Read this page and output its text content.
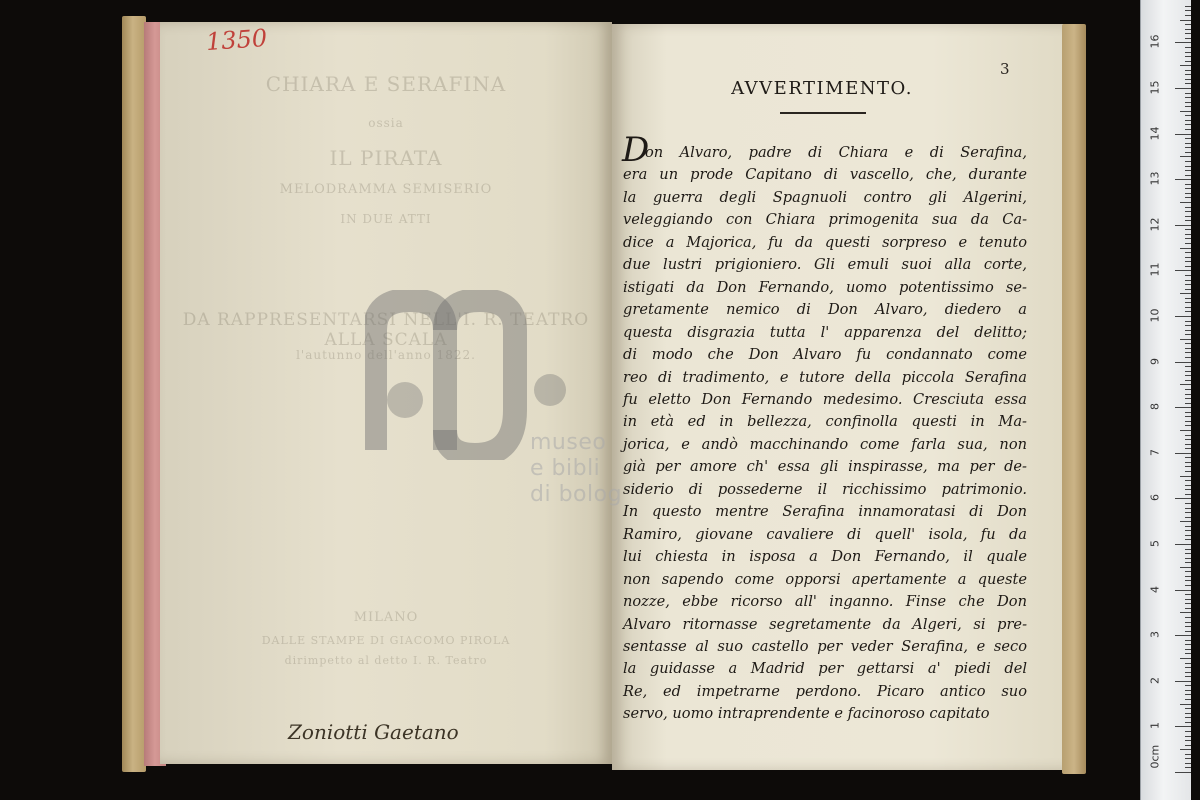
CHIARA E SERAFINA
ossia
IL PIRATA
MELODRAMMA SEMISERIO
IN DUE ATTI
DA RAPPRESENTARSI NELL'I. R. TEATRO ALLA SCALA
l'autunno dell'anno 1822.
MILANO
DALLE STAMPE DI GIACOMO PIROLA
dirimpetto al detto I. R. Teatro
1350
Zoniotti Gaetano
museo
e bibli
di bolog
3
AVVERTIMENTO.
D
on Alvaro, padre di Chiara e di Serafina,
era un prode Capitano di vascello, che, durante
la guerra degli Spagnuoli contro gli Algerini,
veleggiando con Chiara primogenita sua da Ca-
dice a Majorica, fu da questi sorpreso e tenuto
due lustri prigioniero. Gli emuli suoi alla corte,
istigati da Don Fernando, uomo potentissimo se-
gretamente nemico di Don Alvaro, diedero a
questa disgrazia tutta l' apparenza del delitto;
di modo che Don Alvaro fu condannato come
reo di tradimento, e tutore della piccola Serafina
fu eletto Don Fernando medesimo. Cresciuta essa
in età ed in bellezza, confinolla questi in Ma-
jorica, e andò macchinando come farla sua, non
già per amore ch' essa gli inspirasse, ma per de-
siderio di possederne il ricchissimo patrimonio.
In questo mentre Serafina innamoratasi di Don
Ramiro, giovane cavaliere di quell' isola, fu da
lui chiesta in isposa a Don Fernando, il quale
non sapendo come opporsi apertamente a queste
nozze, ebbe ricorso all' inganno. Finse che Don
Alvaro ritornasse segretamente da Algeri, si pre-
sentasse al suo castello per veder Serafina, e seco
la guidasse a Madrid per gettarsi a' piedi del
Re, ed impetrarne perdono. Picaro antico suo
servo, uomo intraprendente e facinoroso capitato
0cm
1
2
3
4
5
6
7
8
9
10
11
12
13
14
15
16
